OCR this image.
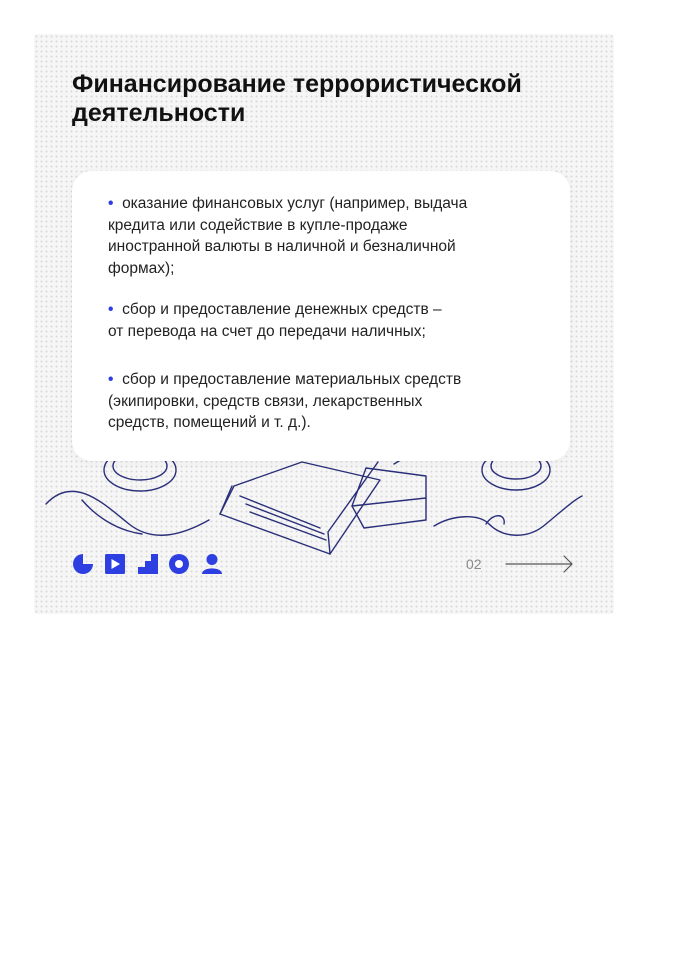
Финансирование террористической
деятельности
• оказание финансовых услуг (например, выдача
кредита или содействие в купле-продаже
иностранной валюты в наличной и безналичной
формах);
• сбор и предоставление денежных средств –
от перевода на счет до передачи наличных;
• сбор и предоставление материальных средств
(экипировки, средств связи, лекарственных
средств, помещений и т. д.).
02
